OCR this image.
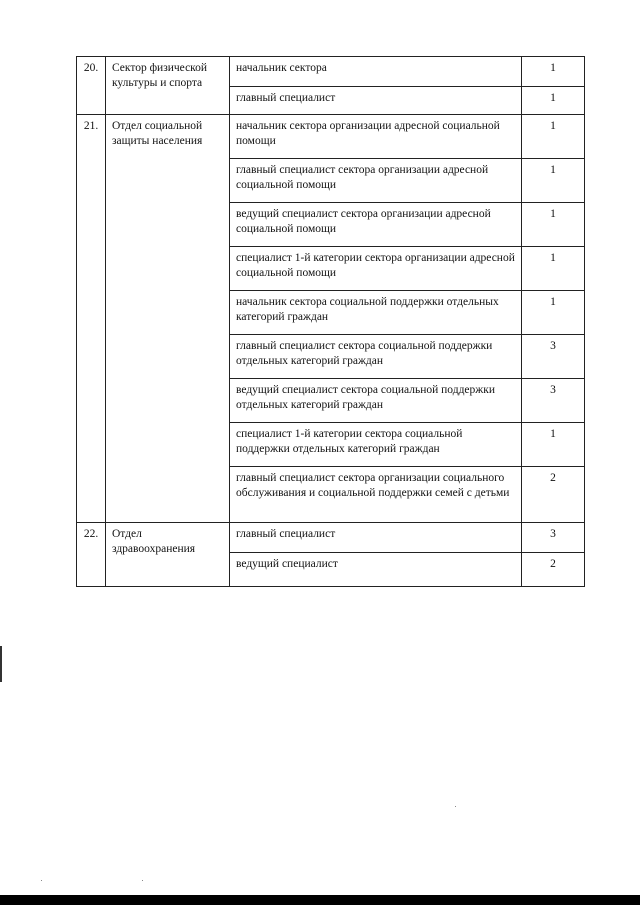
20.	Сектор физической культуры и спорта	начальник сектора	1
		главный специалист	1
21.	Отдел социальной защиты населения	начальник сектора организации адресной социальной помощи	1
		главный специалист сектора организации адресной социальной помощи	1
		ведущий специалист сектора организации адресной социальной помощи	1
		специалист 1-й категории сектора организации адресной социальной помощи	1
		начальник сектора социальной поддержки отдельных категорий граждан	1
		главный специалист сектора социальной поддержки отдельных категорий граждан	3
		ведущий специалист сектора социальной поддержки отдельных категорий граждан	3
		специалист 1-й категории сектора социальной поддержки отдельных категорий граждан	1
		главный специалист сектора организации социального обслуживания и социальной поддержки семей с детьми	2
22.	Отдел здравоохранения	главный специалист	3
		ведущий специалист	2
